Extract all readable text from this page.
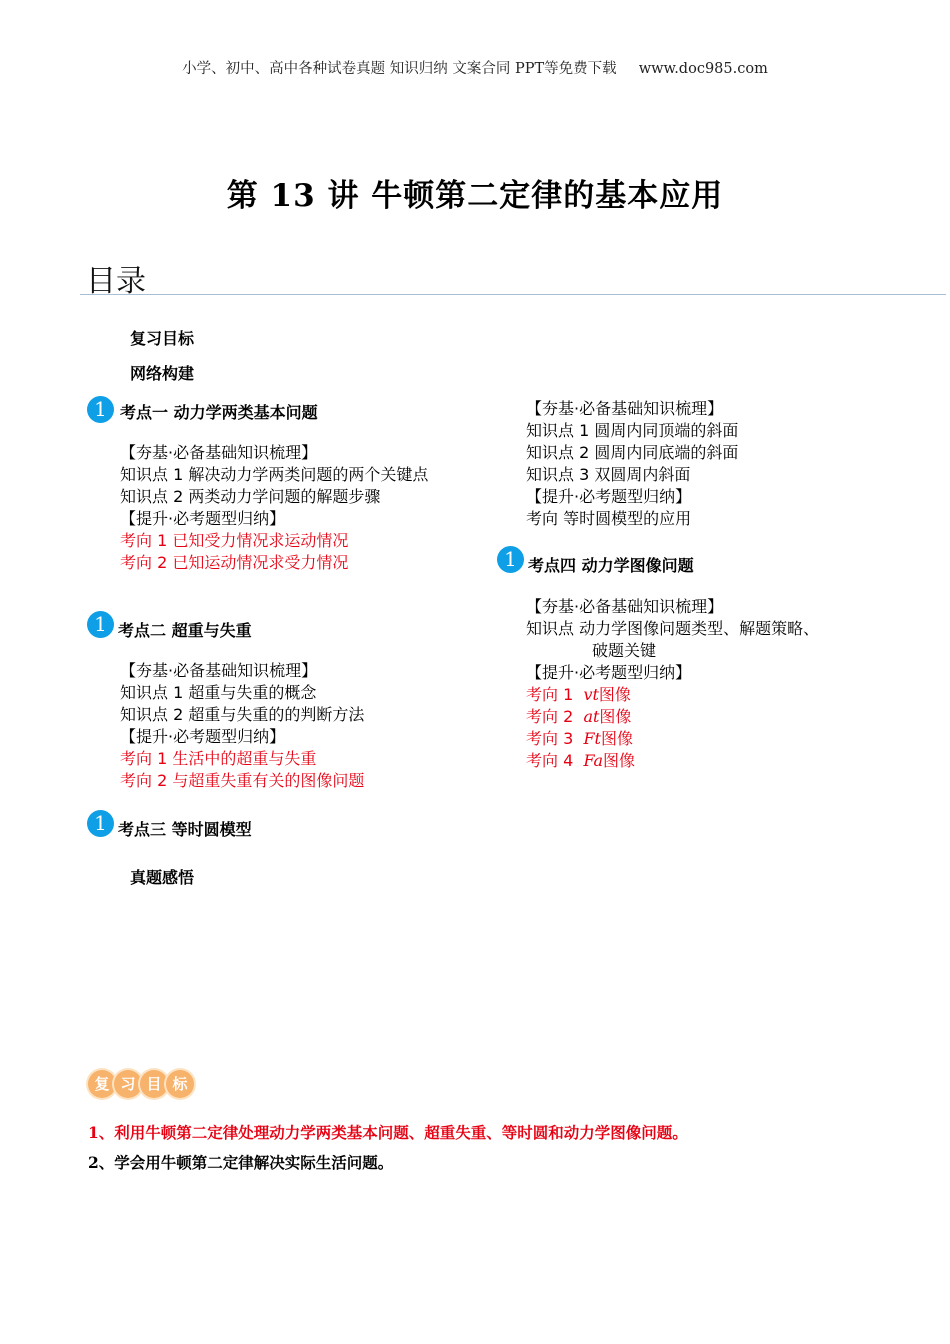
小学、初中、高中各种试卷真题 知识归纳 文案合同 PPT等免费下载 www.doc985.com
第 13 讲 牛顿第二定律的基本应用
目录
复习目标
网络构建
1 考点一 动力学两类基本问题
【夯基·必备基础知识梳理】
知识点 1 解决动力学两类问题的两个关键点
知识点 2 两类动力学问题的解题步骤
【提升·必考题型归纳】
考向 1 已知受力情况求运动情况
考向 2 已知运动情况求受力情况
1 考点二 超重与失重
【夯基·必备基础知识梳理】
知识点 1 超重与失重的概念
知识点 2 超重与失重的的判断方法
【提升·必考题型归纳】
考向 1 生活中的超重与失重
考向 2 与超重失重有关的图像问题
1 考点三 等时圆模型
真题感悟
【夯基·必备基础知识梳理】
知识点 1 圆周内同顶端的斜面
知识点 2 圆周内同底端的斜面
知识点 3 双圆周内斜面
【提升·必考题型归纳】
考向 等时圆模型的应用
1 考点四 动力学图像问题
【夯基·必备基础知识梳理】
知识点 动力学图像问题类型、解题策略、
破题关键
【提升·必考题型归纳】
考向 1 vt图像
考向 2 at图像
考向 3 Ft图像
考向 4 Fa图像
复 习 目 标
1、利用牛顿第二定律处理动力学两类基本问题、超重失重、等时圆和动力学图像问题。
2、学会用牛顿第二定律解决实际生活问题。
